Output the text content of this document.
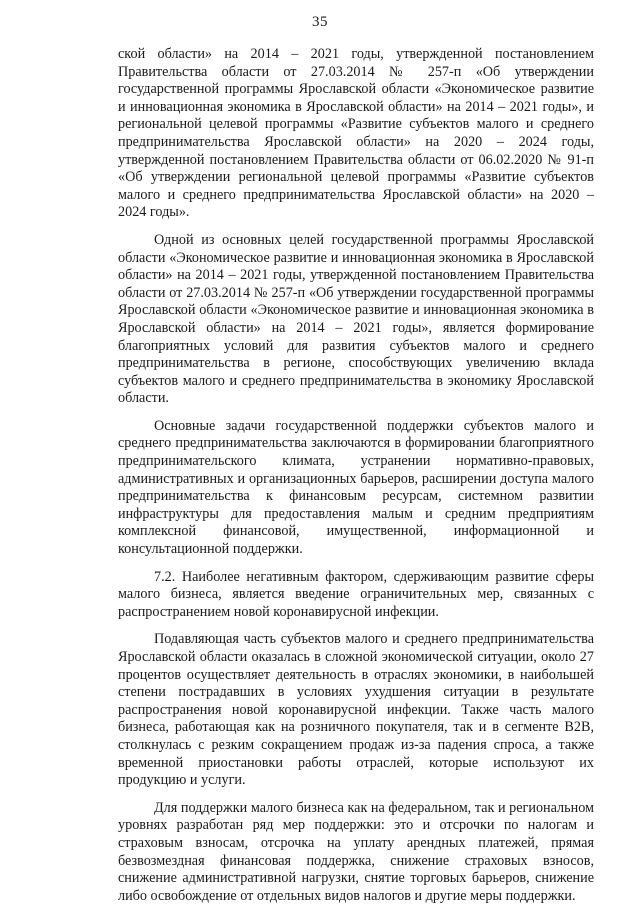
35

ской области» на 2014 – 2021 годы, утвержденной постановлением Правительства области от 27.03.2014 № 257-п «Об утверждении государственной программы Ярославской области «Экономическое развитие и инновационная экономика в Ярославской области» на 2014 – 2021 годы», и региональной целевой программы «Развитие субъектов малого и среднего предпринимательства Ярославской области» на 2020 – 2024 годы, утвержденной постановлением Правительства области от 06.02.2020 № 91-п «Об утверждении региональной целевой программы «Развитие субъектов малого и среднего предпринимательства Ярославской области» на 2020 – 2024 годы».

Одной из основных целей государственной программы Ярославской области «Экономическое развитие и инновационная экономика в Ярославской области» на 2014 – 2021 годы, утвержденной постановлением Правительства области от 27.03.2014 № 257-п «Об утверждении государственной программы Ярославской области «Экономическое развитие и инновационная экономика в Ярославской области» на 2014 – 2021 годы», является формирование благоприятных условий для развития субъектов малого и среднего предпринимательства в регионе, способствующих увеличению вклада субъектов малого и среднего предпринимательства в экономику Ярославской области.

Основные задачи государственной поддержки субъектов малого и среднего предпринимательства заключаются в формировании благоприятного предпринимательского климата, устранении нормативно-правовых, административных и организационных барьеров, расширении доступа малого предпринимательства к финансовым ресурсам, системном развитии инфраструктуры для предоставления малым и средним предприятиям комплексной финансовой, имущественной, информационной и консультационной поддержки.

7.2. Наиболее негативным фактором, сдерживающим развитие сферы малого бизнеса, является введение ограничительных мер, связанных с распространением новой коронавирусной инфекции.

Подавляющая часть субъектов малого и среднего предпринимательства Ярославской области оказалась в сложной экономической ситуации, около 27 процентов осуществляет деятельность в отраслях экономики, в наибольшей степени пострадавших в условиях ухудшения ситуации в результате распространения новой коронавирусной инфекции. Также часть малого бизнеса, работающая как на розничного покупателя, так и в сегменте B2B, столкнулась с резким сокращением продаж из-за падения спроса, а также временной приостановки работы отраслей, которые используют их продукцию и услуги.

Для поддержки малого бизнеса как на федеральном, так и региональном уровнях разработан ряд мер поддержки: это и отсрочки по налогам и страховым взносам, отсрочка на уплату арендных платежей, прямая безвозмездная финансовая поддержка, снижение страховых взносов, снижение административной нагрузки, снятие торговых барьеров, снижение либо освобождение от отдельных видов налогов и другие меры поддержки.
